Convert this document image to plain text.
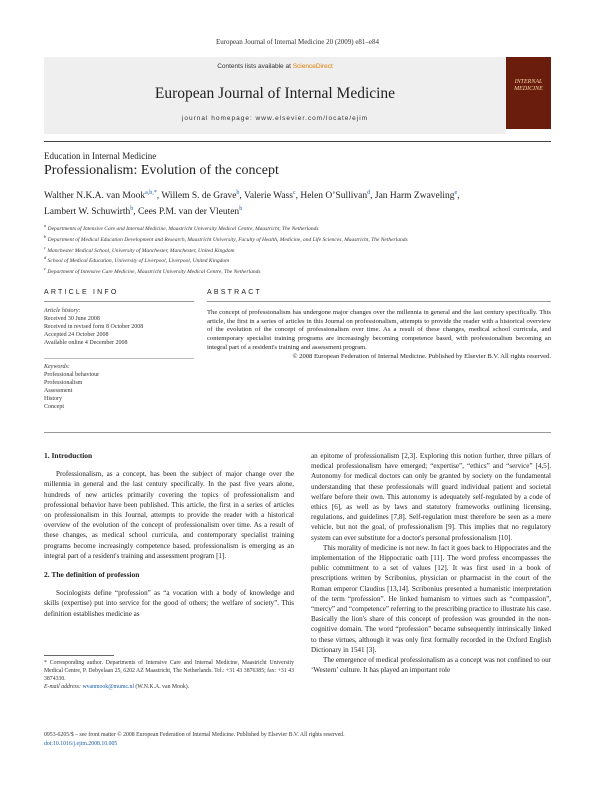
European Journal of Internal Medicine 20 (2009) e81–e84
Contents lists available at ScienceDirect
European Journal of Internal Medicine
journal homepage: www.elsevier.com/locate/ejim
INTERNAL MEDICINE
Education in Internal Medicine
Professionalism: Evolution of the concept
Walther N.K.A. van Mook$^{a,b,*}$, Willem S. de Grave$^b$, Valerie Wass$^c$, Helen O’Sullivan$^d$, Jan Harm Zwaveling$^e$,
Lambert W. Schuwirth$^b$, Cees P.M. van der Vleuten$^b$
$^a$ Departments of Intensive Care and Internal Medicine, Maastricht University Medical Centre, Maastricht, The Netherlands
$^b$ Department of Medical Education Development and Research, Maastricht University, Faculty of Health, Medicine, and Life Sciences, Maastricht, The Netherlands
$^c$ Manchester Medical School, University of Manchester, Manchester, United Kingdom
$^d$ School of Medical Education, University of Liverpool, Liverpool, United Kingdom
$^e$ Department of Intensive Care Medicine, Maastricht University Medical Centre, The Netherlands
ARTICLE INFO	ABSTRACT
Article history:
Received 30 June 2008
Received in revised form 8 October 2008
Accepted 24 October 2008
Available online 4 December 2008
Keywords:
Professional behaviour
Professionalism
Assessment
History
Concept
The concept of professionalism has undergone major changes over the millennia in general and the last century specifically. This article, the first in a series of articles in this Journal on professionalism, attempts to provide the reader with a historical overview of the evolution of the concept of professionalism over time. As a result of these changes, medical school curricula, and contemporary specialist training programs are increasingly becoming competence based, with professionalism becoming an integral part of a resident's training and assessment program.
© 2008 European Federation of Internal Medicine. Published by Elsevier B.V. All rights reserved.
1. Introduction

Professionalism, as a concept, has been the subject of major change over the millennia in general and the last century specifically. In the past five years alone, hundreds of new articles primarily covering the topics of professionalism and professional behavior have been published. This article, the first in a series of articles on professionalism in this Journal, attempts to provide the reader with a historical overview of the evolution of the concept of professionalism over time. As a result of these changes, as medical school curricula, and contemporary specialist training programs become increasingly competence based, professionalism is emerging as an integral part of a resident's training and assessment program [1].

2. The definition of profession

Sociologists define “profession” as “a vocation with a body of knowledge and skills (expertise) put into service for the good of others; the welfare of society”. This definition establishes medicine as

an epitome of professionalism [2,3]. Exploring this notion further, three pillars of medical professionalism have emerged; “expertise”, “ethics” and “service” [4,5]. Autonomy for medical doctors can only be granted by society on the fundamental understanding that these professionals will guard individual patient and societal welfare before their own. This autonomy is adequately self-regulated by a code of ethics [6], as well as by laws and statutory frameworks outlining licensing, regulations, and guidelines [7,8]. Self-regulation must therefore be seen as a mere vehicle, but not the goal, of professionalism [9]. This implies that no regulatory system can ever substitute for a doctor's personal professionalism [10].

This morality of medicine is not new. In fact it goes back to Hippocrates and the implementation of the Hippocratic oath [11]. The word profess encompasses the public commitment to a set of values [12]. It was first used in a book of prescriptions written by Scribonius, physician or pharmacist in the court of the Roman emperor Claudius [13,14]. Scribonius presented a humanistic interpretation of the term “profession”. He linked humanism to virtues such as “compassion”, “mercy” and “competence” referring to the prescribing practice to illustrate his case. Basically the lion's share of this concept of profession was grounded in the non-cognitive domain. The word “profession” became subsequently intrinsically linked to these virtues, although it was only first formally recorded in the Oxford English Dictionary in 1541 [3].

The emergence of medical professionalism as a concept was not confined to our ‘Western’ culture. It has played an important role

* Corresponding author. Departments of Intensive Care and Internal Medicine, Maastricht University Medical Centre, P. Debyelaan 25, 6202 AZ Maastricht, The Netherlands. Tel.: +31 43 3876385; fax: +31 43 3874330.
E-mail address: wvanmook@mumc.nl (W.N.K.A. van Mook).
0953-6205/$ – see front matter © 2008 European Federation of Internal Medicine. Published by Elsevier B.V. All rights reserved.
doi:10.1016/j.ejim.2008.10.005
